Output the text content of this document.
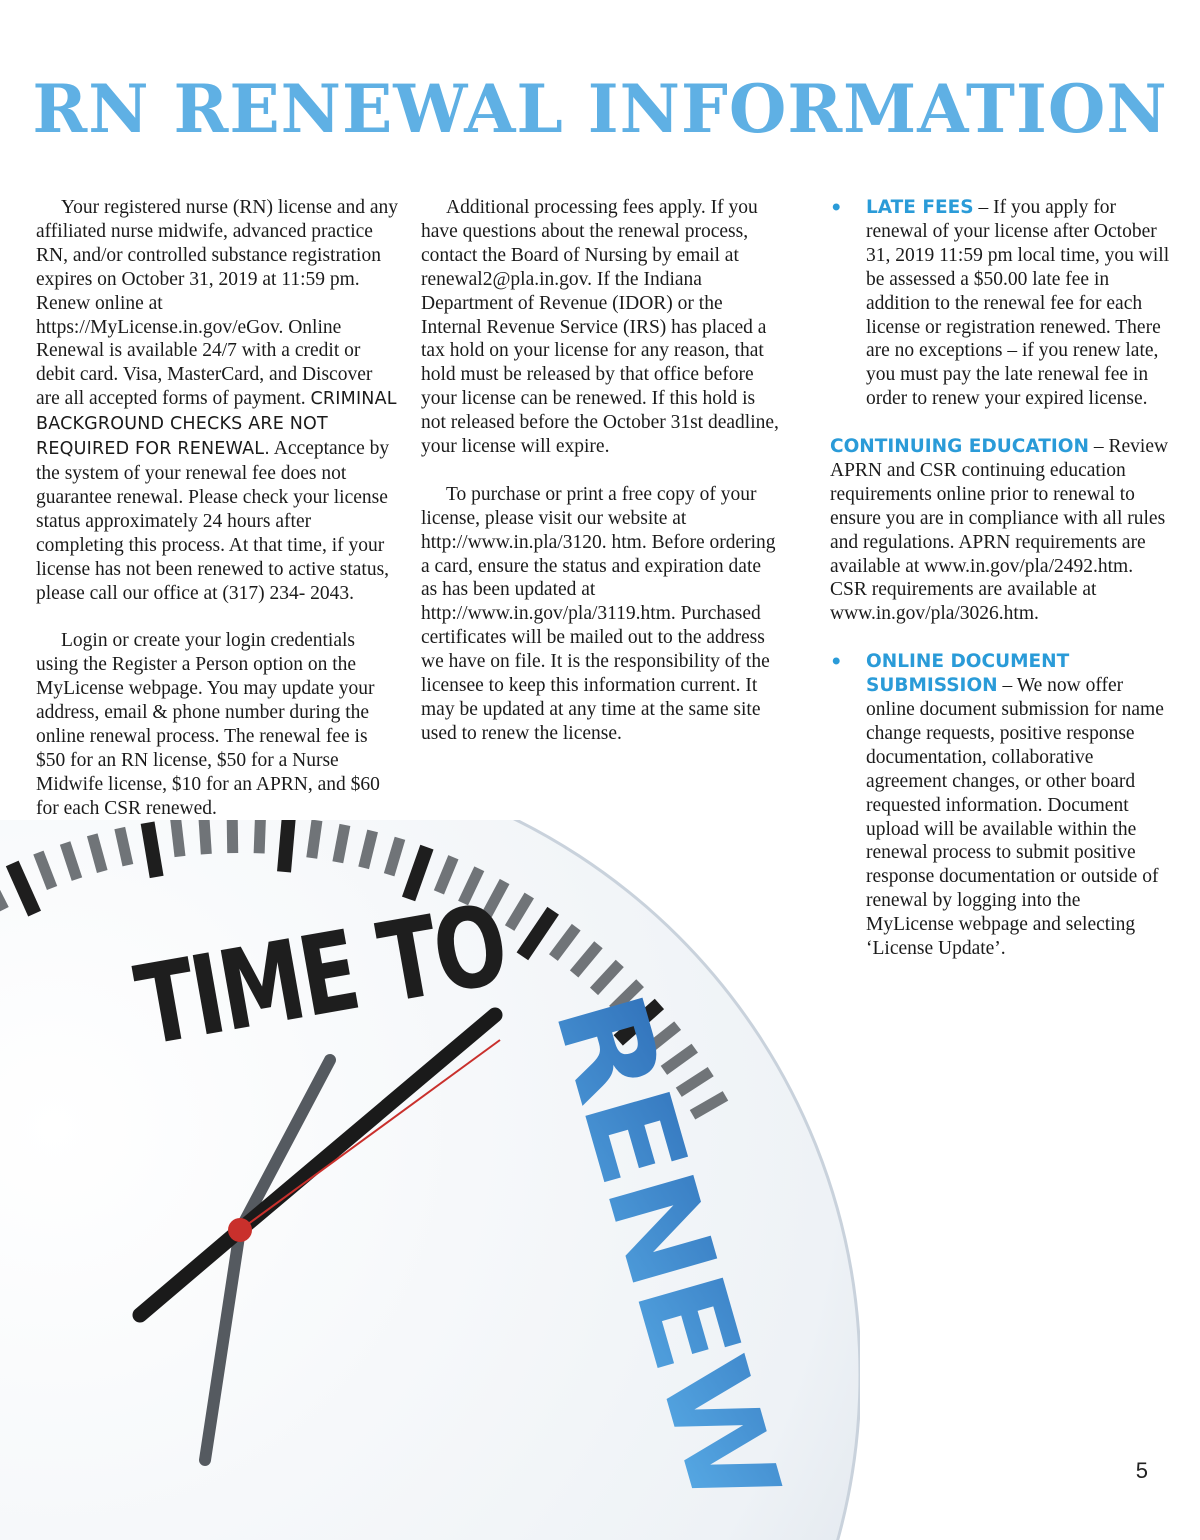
RN RENEWAL INFORMATION

Your registered nurse (RN) license and any affiliated nurse midwife, advanced practice RN, and/or controlled substance registration expires on October 31, 2019 at 11:59 pm. Renew online at https://MyLicense.in.gov/eGov. Online Renewal is available 24/7 with a credit or debit card. Visa, MasterCard, and Discover are all accepted forms of payment. CRIMINAL BACKGROUND CHECKS ARE NOT REQUIRED FOR RENEWAL. Acceptance by the system of your renewal fee does not guarantee renewal. Please check your license status approximately 24 hours after completing this process. At that time, if your license has not been renewed to active status, please call our office at (317) 234- 2043.

Login or create your login credentials using the Register a Person option on the MyLicense webpage. You may update your address, email & phone number during the online renewal process. The renewal fee is $50 for an RN license, $50 for a Nurse Midwife license, $10 for an APRN, and $60 for each CSR renewed.

Additional processing fees apply. If you have questions about the renewal process, contact the Board of Nursing by email at renewal2@pla.in.gov. If the Indiana Department of Revenue (IDOR) or the Internal Revenue Service (IRS) has placed a tax hold on your license for any reason, that hold must be released by that office before your license can be renewed. If this hold is not released before the October 31st deadline, your license will expire.

To purchase or print a free copy of your license, please visit our website at http://www.in.pla/3120. htm. Before ordering a card, ensure the status and expiration date as has been updated at http://www.in.gov/pla/3119.htm. Purchased certificates will be mailed out to the address we have on file. It is the responsibility of the licensee to keep this information current. It may be updated at any time at the same site used to renew the license.

• LATE FEES – If you apply for renewal of your license after October 31, 2019 11:59 pm local time, you will be assessed a $50.00 late fee in addition to the renewal fee for each license or registration renewed. There are no exceptions – if you renew late, you must pay the late renewal fee in order to renew your expired license.

CONTINUING EDUCATION – Review APRN and CSR continuing education requirements online prior to renewal to ensure you are in compliance with all rules and regulations. APRN requirements are available at www.in.gov/pla/2492.htm. CSR requirements are available at www.in.gov/pla/3026.htm.

• ONLINE DOCUMENT SUBMISSION – We now offer online document submission for name change requests, positive response documentation, collaborative agreement changes, or other board requested information. Document upload will be available within the renewal process to submit positive response documentation or outside of renewal by logging into the MyLicense webpage and selecting ‘License Update’.

TIME TO
RENEW
5
